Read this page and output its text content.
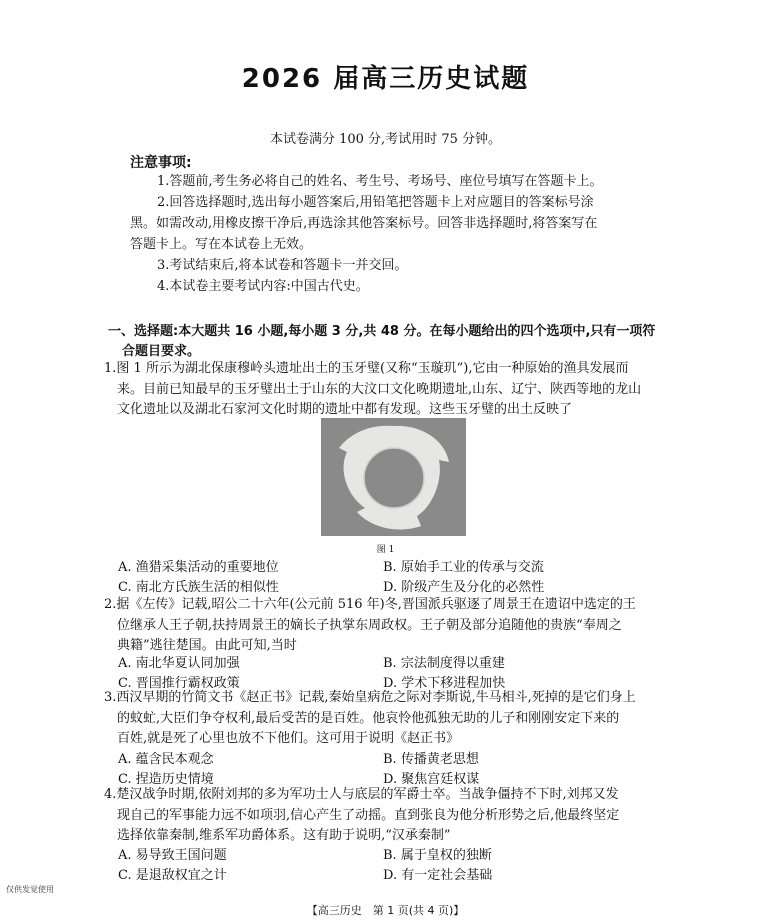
2026 届高三历史试题
本试卷满分 100 分,考试用时 75 分钟。
注意事项:
1.答题前,考生务必将自己的姓名、考生号、考场号、座位号填写在答题卡上。
2.回答选择题时,选出每小题答案后,用铅笔把答题卡上对应题目的答案标号涂
黑。如需改动,用橡皮擦干净后,再选涂其他答案标号。回答非选择题时,将答案写在
答题卡上。写在本试卷上无效。
3.考试结束后,将本试卷和答题卡一并交回。
4.本试卷主要考试内容:中国古代史。
一、选择题:本大题共 16 小题,每小题 3 分,共 48 分。在每小题给出的四个选项中,只有一项符
合题目要求。
1.图 1 所示为湖北保康穆岭头遗址出土的玉牙璧(又称“玉璇玑”),它由一种原始的渔具发展而
来。目前已知最早的玉牙璧出土于山东的大汶口文化晚期遗址,山东、辽宁、陕西等地的龙山
文化遗址以及湖北石家河文化时期的遗址中都有发现。这些玉牙璧的出土反映了
图 1
A. 渔猎采集活动的重要地位	B. 原始手工业的传承与交流
C. 南北方氏族生活的相似性	D. 阶级产生及分化的必然性
2.据《左传》记载,昭公二十六年(公元前 516 年)冬,晋国派兵驱逐了周景王在遗诏中选定的王
位继承人王子朝,扶持周景王的嫡长子执掌东周政权。王子朝及部分追随他的贵族“奉周之
典籍”逃往楚国。由此可知,当时
A. 南北华夏认同加强	B. 宗法制度得以重建
C. 晋国推行霸权政策	D. 学术下移进程加快
3.西汉早期的竹简文书《赵正书》记载,秦始皇病危之际对李斯说,牛马相斗,死掉的是它们身上
的蚊虻,大臣们争夺权利,最后受苦的是百姓。他哀怜他孤独无助的儿子和刚刚安定下来的
百姓,就是死了心里也放不下他们。这可用于说明《赵正书》
A. 蕴含民本观念	B. 传播黄老思想
C. 捏造历史情境	D. 聚焦宫廷权谋
4.楚汉战争时期,依附刘邦的多为军功士人与底层的军爵士卒。当战争僵持不下时,刘邦又发
现自己的军事能力远不如项羽,信心产生了动摇。直到张良为他分析形势之后,他最终坚定
选择依靠秦制,维系军功爵体系。这有助于说明,“汉承秦制”
A. 易导致王国问题	B. 属于皇权的独断
C. 是退敌权宜之计	D. 有一定社会基础
仅供发觉使用
【高三历史　第 1 页(共 4 页)】
